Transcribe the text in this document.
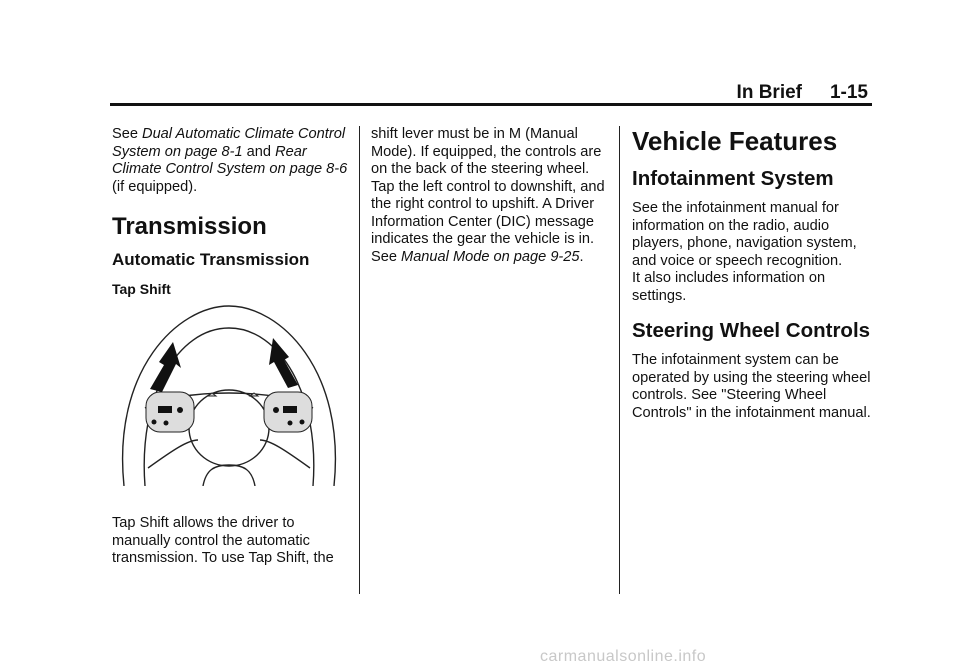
In Brief 1-15

See Dual Automatic Climate Control System on page 8-1 and Rear Climate Control System on page 8-6
(if equipped).

Transmission
Automatic Transmission
Tap Shift

Tap Shift allows the driver to manually control the automatic transmission. To use Tap Shift, the

shift lever must be in M (Manual Mode). If equipped, the controls are on the back of the steering wheel. Tap the left control to downshift, and the right control to upshift. A Driver Information Center (DIC) message indicates the gear the vehicle is in. See Manual Mode on page 9-25.

Vehicle Features
Infotainment System

See the infotainment manual for information on the radio, audio players, phone, navigation system, and voice or speech recognition.

It also includes information on settings.

Steering Wheel Controls

The infotainment system can be operated by using the steering wheel controls. See "Steering Wheel Controls" in the infotainment manual.

carmanualsonline.info
